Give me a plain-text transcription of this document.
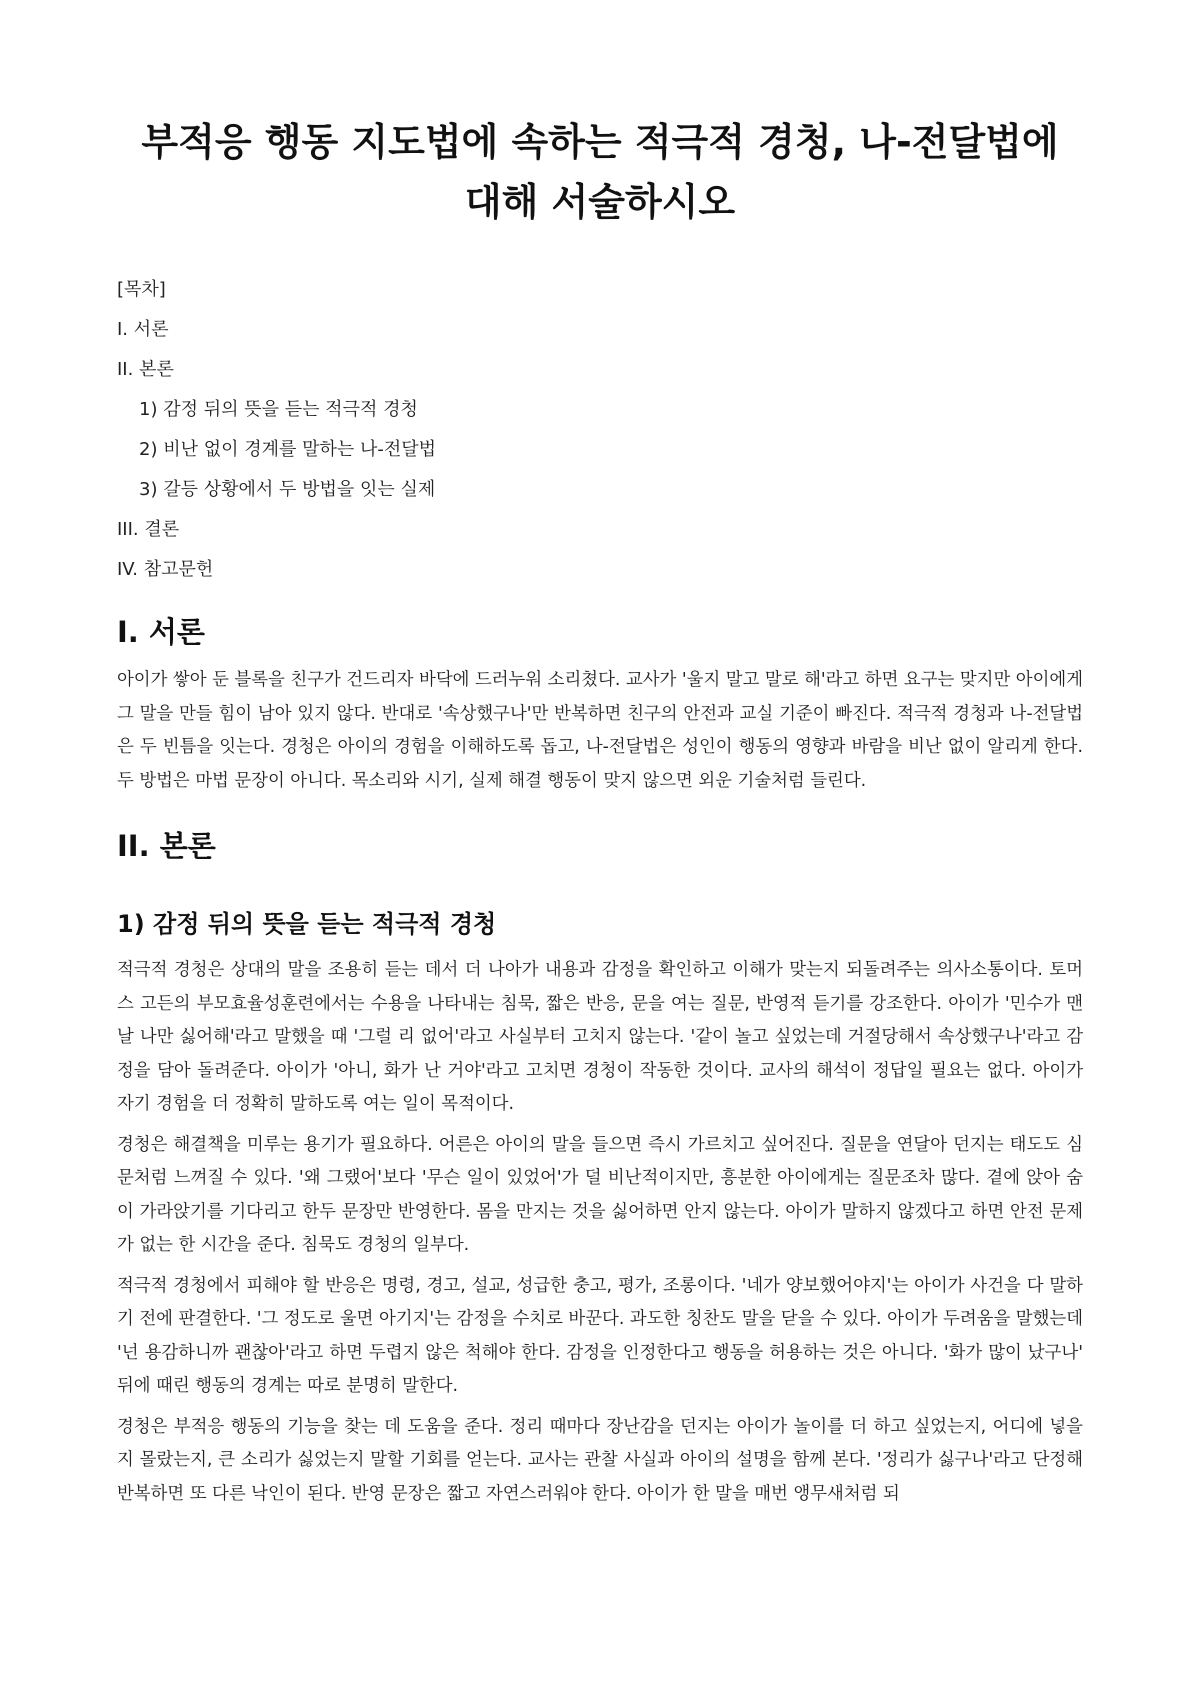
부적응 행동 지도법에 속하는 적극적 경청, 나-전달법에 대해 서술하시오
[목차]
I. 서론
II. 본론
1) 감정 뒤의 뜻을 듣는 적극적 경청
2) 비난 없이 경계를 말하는 나-전달법
3) 갈등 상황에서 두 방법을 잇는 실제
III. 결론
IV. 참고문헌
I. 서론

아이가 쌓아 둔 블록을 친구가 건드리자 바닥에 드러누워 소리쳤다. 교사가 '울지 말고 말로 해'라고 하면 요구는 맞지만 아이에게 그 말을 만들 힘이 남아 있지 않다. 반대로 '속상했구나'만 반복하면 친구의 안전과 교실 기준이 빠진다. 적극적 경청과 나-전달법은 두 빈틈을 잇는다. 경청은 아이의 경험을 이해하도록 돕고, 나-전달법은 성인이 행동의 영향과 바람을 비난 없이 알리게 한다. 두 방법은 마법 문장이 아니다. 목소리와 시기, 실제 해결 행동이 맞지 않으면 외운 기술처럼 들린다.

II. 본론
1) 감정 뒤의 뜻을 듣는 적극적 경청

적극적 경청은 상대의 말을 조용히 듣는 데서 더 나아가 내용과 감정을 확인하고 이해가 맞는지 되돌려주는 의사소통이다. 토머스 고든의 부모효율성훈련에서는 수용을 나타내는 침묵, 짧은 반응, 문을 여는 질문, 반영적 듣기를 강조한다. 아이가 '민수가 맨날 나만 싫어해'라고 말했을 때 '그럴 리 없어'라고 사실부터 고치지 않는다. '같이 놀고 싶었는데 거절당해서 속상했구나'라고 감정을 담아 돌려준다. 아이가 '아니, 화가 난 거야'라고 고치면 경청이 작동한 것이다. 교사의 해석이 정답일 필요는 없다. 아이가 자기 경험을 더 정확히 말하도록 여는 일이 목적이다.

경청은 해결책을 미루는 용기가 필요하다. 어른은 아이의 말을 들으면 즉시 가르치고 싶어진다. 질문을 연달아 던지는 태도도 심문처럼 느껴질 수 있다. '왜 그랬어'보다 '무슨 일이 있었어'가 덜 비난적이지만, 흥분한 아이에게는 질문조차 많다. 곁에 앉아 숨이 가라앉기를 기다리고 한두 문장만 반영한다. 몸을 만지는 것을 싫어하면 안지 않는다. 아이가 말하지 않겠다고 하면 안전 문제가 없는 한 시간을 준다. 침묵도 경청의 일부다.

적극적 경청에서 피해야 할 반응은 명령, 경고, 설교, 성급한 충고, 평가, 조롱이다. '네가 양보했어야지'는 아이가 사건을 다 말하기 전에 판결한다. '그 정도로 울면 아기지'는 감정을 수치로 바꾼다. 과도한 칭찬도 말을 닫을 수 있다. 아이가 두려움을 말했는데 '넌 용감하니까 괜찮아'라고 하면 두렵지 않은 척해야 한다. 감정을 인정한다고 행동을 허용하는 것은 아니다. '화가 많이 났구나' 뒤에 때린 행동의 경계는 따로 분명히 말한다.

경청은 부적응 행동의 기능을 찾는 데 도움을 준다. 정리 때마다 장난감을 던지는 아이가 놀이를 더 하고 싶었는지, 어디에 넣을지 몰랐는지, 큰 소리가 싫었는지 말할 기회를 얻는다. 교사는 관찰 사실과 아이의 설명을 함께 본다. '정리가 싫구나'라고 단정해 반복하면 또 다른 낙인이 된다. 반영 문장은 짧고 자연스러워야 한다. 아이가 한 말을 매번 앵무새처럼 되
